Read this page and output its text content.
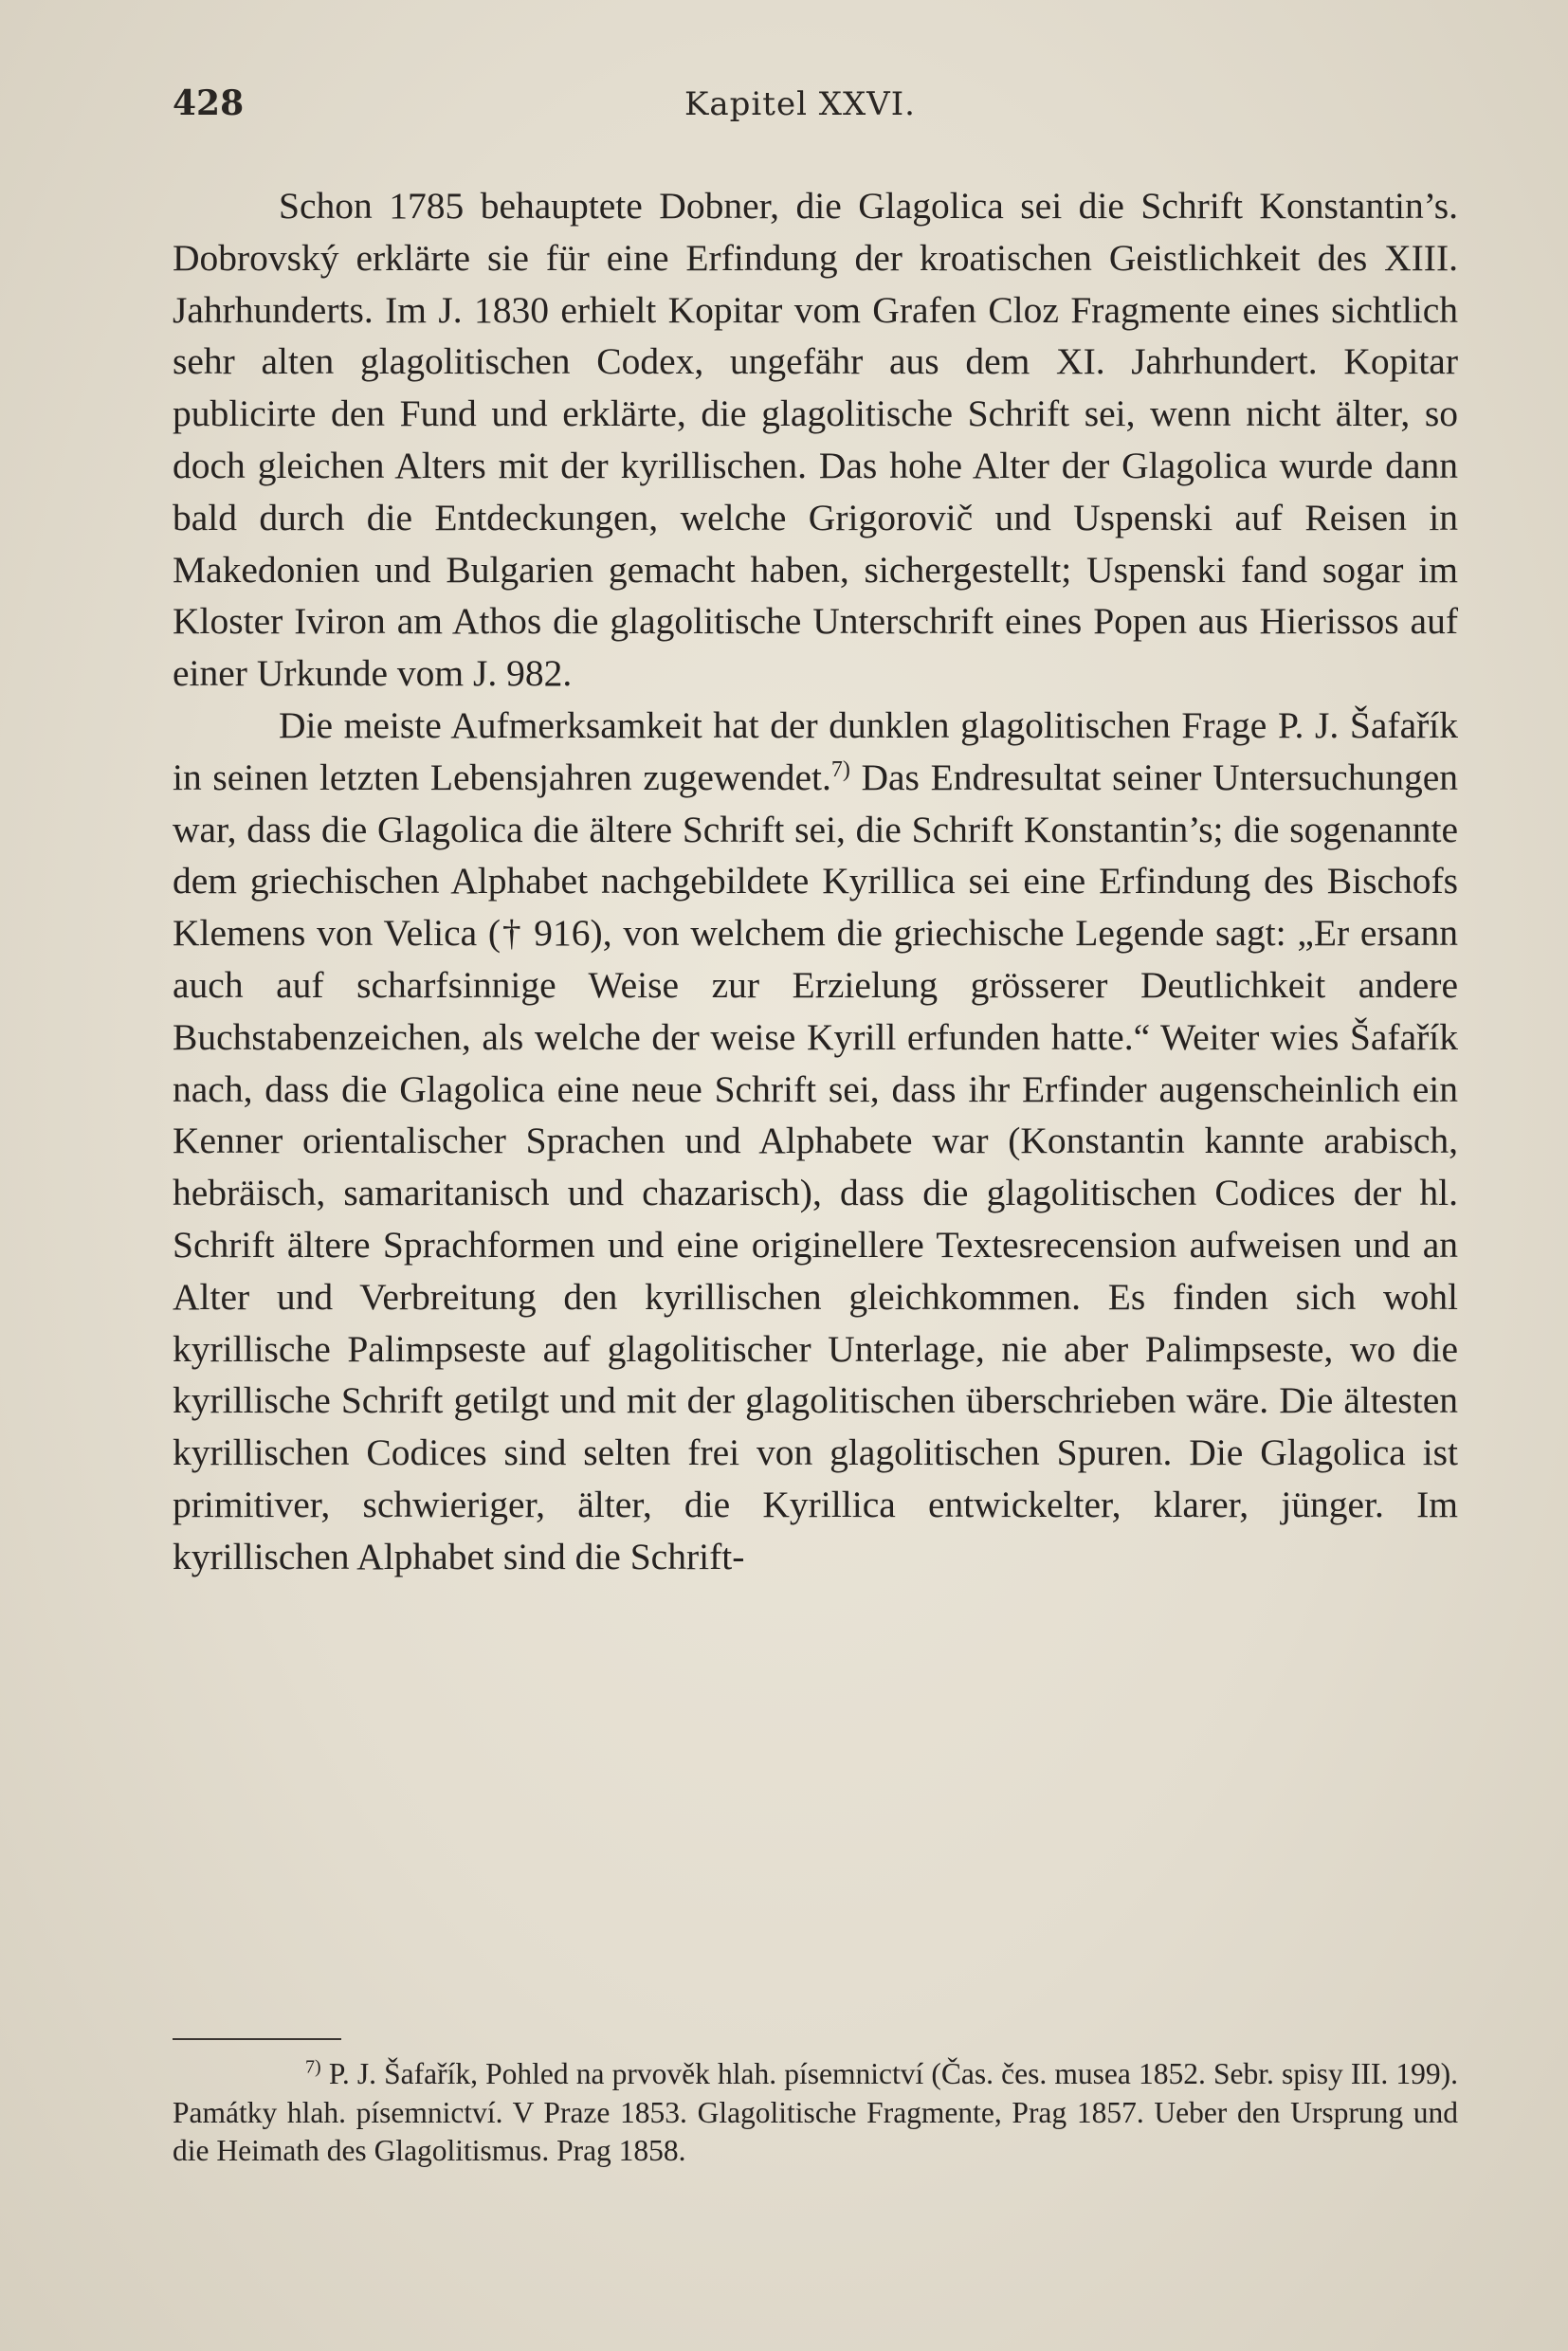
428	Kapitel XXVI.

Schon 1785 behauptete Dobner, die Glagolica sei die Schrift Konstantin’s. Dobrovský erklärte sie für eine Erfindung der kroatischen Geistlichkeit des XIII. Jahrhunderts. Im J. 1830 erhielt Kopitar vom Grafen Cloz Fragmente eines sichtlich sehr alten glagolitischen Codex, ungefähr aus dem XI. Jahrhundert. Kopitar publicirte den Fund und erklärte, die glagolitische Schrift sei, wenn nicht älter, so doch gleichen Alters mit der kyrillischen. Das hohe Alter der Glagolica wurde dann bald durch die Entdeckungen, welche Grigorovič und Uspenski auf Reisen in Makedonien und Bulgarien gemacht haben, sichergestellt; Uspenski fand sogar im Kloster Iviron am Athos die glagolitische Unterschrift eines Popen aus Hierissos auf einer Urkunde vom J. 982.

Die meiste Aufmerksamkeit hat der dunklen glagolitischen Frage P. J. Šafařík in seinen letzten Lebensjahren zugewendet.$^{7)}$ Das Endresultat seiner Untersuchungen war, dass die Glagolica die ältere Schrift sei, die Schrift Konstantin’s; die sogenannte dem griechischen Alphabet nachgebildete Kyrillica sei eine Erfindung des Bischofs Klemens von Velica († 916), von welchem die griechische Legende sagt: „Er ersann auch auf scharfsinnige Weise zur Erzielung grösserer Deutlichkeit andere Buchstabenzeichen, als welche der weise Kyrill erfunden hatte.“ Weiter wies Šafařík nach, dass die Glagolica eine neue Schrift sei, dass ihr Erfinder augenscheinlich ein Kenner orientalischer Sprachen und Alphabete war (Konstantin kannte arabisch, hebräisch, samaritanisch und chazarisch), dass die glagolitischen Codices der hl. Schrift ältere Sprachformen und eine originellere Textesrecension aufweisen und an Alter und Verbreitung den kyrillischen gleichkommen. Es finden sich wohl kyrillische Palimpseste auf glagolitischer Unterlage, nie aber Palimpseste, wo die kyrillische Schrift getilgt und mit der glagolitischen überschrieben wäre. Die ältesten kyrillischen Codices sind selten frei von glagolitischen Spuren. Die Glagolica ist primitiver, schwieriger, älter, die Kyrillica entwickelter, klarer, jünger. Im kyrillischen Alphabet sind die Schrift-

$^{7)}$ P. J. Šafařík, Pohled na prvověk hlah. písemnictví (Čas. čes. musea 1852. Sebr. spisy III. 199). Památky hlah. písemnictví. V Praze 1853. Glagolitische Fragmente, Prag 1857. Ueber den Ursprung und die Heimath des Glagolitismus. Prag 1858.
